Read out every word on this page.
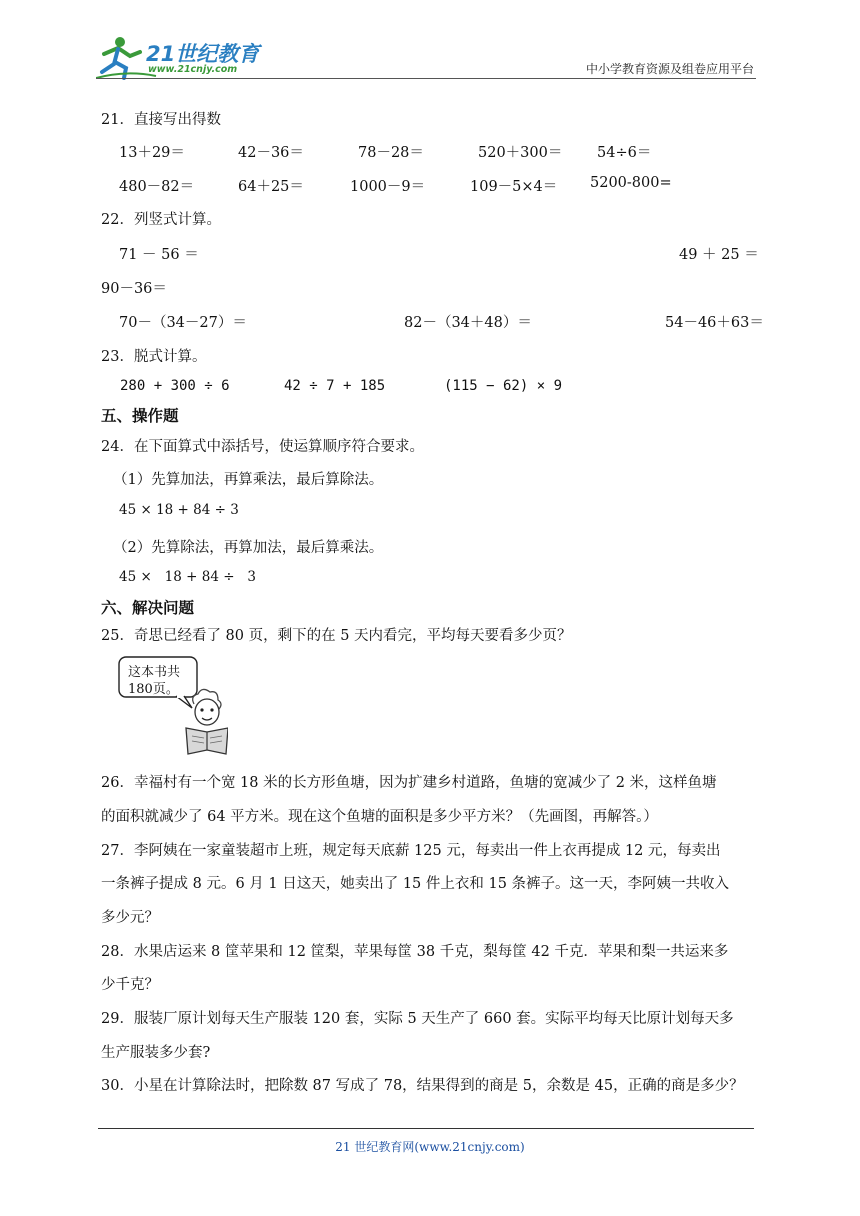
21世纪教育
www.21cnjy.com	中小学教育资源及组卷应用平台
21．直接写出得数
13＋29＝	42－36＝	78－28＝	520＋300＝ 54÷6＝
480－82＝	64＋25＝	1000－9＝	109－5×4＝ 5200-800=
22．列竖式计算。
71 － 56 ＝	49 ＋ 25 ＝
90－36＝
70－（34－27）＝	82－（34＋48）＝	54－46＋63＝
23．脱式计算。
280 + 300 ÷ 6	42 ÷ 7 + 185	(115 − 62) × 9
五、操作题
24．在下面算式中添括号，使运算顺序符合要求。
（1）先算加法，再算乘法，最后算除法。
45 × 18 + 84 ÷ 3
（2）先算除法，再算加法，最后算乘法。
45 ×   18 + 84 ÷   3
六、解决问题
25．奇思已经看了 80 页，剩下的在 5 天内看完，平均每天要看多少页？
这本书共
180页。
26．幸福村有一个宽 18 米的长方形鱼塘，因为扩建乡村道路，鱼塘的宽减少了 2 米，这样鱼塘
的面积就减少了 64 平方米。现在这个鱼塘的面积是多少平方米？（先画图，再解答。）
27．李阿姨在一家童装超市上班，规定每天底薪 125 元，每卖出一件上衣再提成 12 元，每卖出
一条裤子提成 8 元。6 月 1 日这天，她卖出了 15 件上衣和 15 条裤子。这一天，李阿姨一共收入
多少元？
28．水果店运来 8 筐苹果和 12 筐梨，苹果每筐 38 千克，梨每筐 42 千克．苹果和梨一共运来多
少千克？
29．服装厂原计划每天生产服装 120 套，实际 5 天生产了 660 套。实际平均每天比原计划每天多
生产服装多少套?
30．小星在计算除法时，把除数 87 写成了 78，结果得到的商是 5，余数是 45，正确的商是多少？
21 世纪教育网(www.21cnjy.com)
